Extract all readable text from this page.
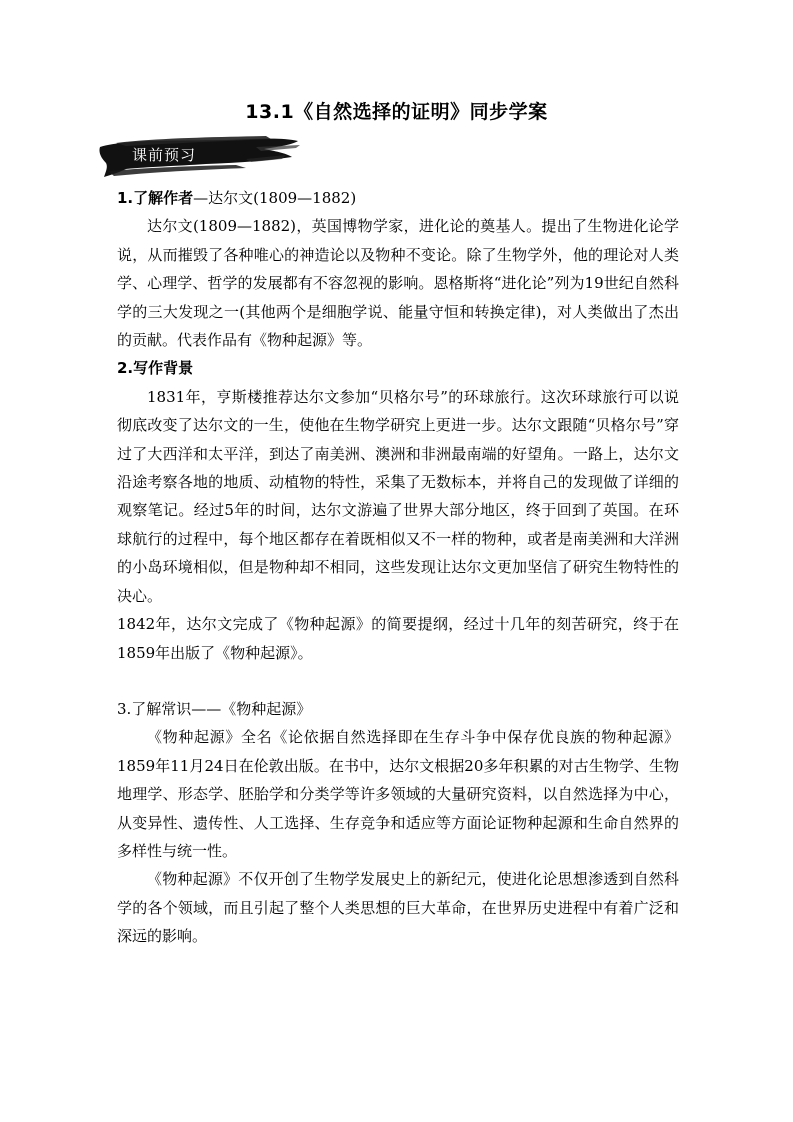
13.1《自然选择的证明》同步学案
课前预习

1.了解作者—达尔文(1809—1882)

达尔文(1809—1882)，英国博物学家，进化论的奠基人。提出了生物进化论学说，从而摧毁了各种唯心的神造论以及物种不变论。除了生物学外，他的理论对人类学、心理学、哲学的发展都有不容忽视的影响。恩格斯将“进化论”列为19世纪自然科学的三大发现之一(其他两个是细胞学说、能量守恒和转换定律)，对人类做出了杰出的贡献。代表作品有《物种起源》等。

2.写作背景

1831年，亨斯楼推荐达尔文参加“贝格尔号”的环球旅行。这次环球旅行可以说彻底改变了达尔文的一生，使他在生物学研究上更进一步。达尔文跟随“贝格尔号”穿过了大西洋和太平洋，到达了南美洲、澳洲和非洲最南端的好望角。一路上，达尔文沿途考察各地的地质、动植物的特性，采集了无数标本，并将自己的发现做了详细的观察笔记。经过5年的时间，达尔文游遍了世界大部分地区，终于回到了英国。在环球航行的过程中，每个地区都存在着既相似又不一样的物种，或者是南美洲和大洋洲的小岛环境相似，但是物种却不相同，这些发现让达尔文更加坚信了研究生物特性的决心。

1842年，达尔文完成了《物种起源》的简要提纲，经过十几年的刻苦研究，终于在1859年出版了《物种起源》。

3.了解常识——《物种起源》

《物种起源》全名《论依据自然选择即在生存斗争中保存优良族的物种起源》1859年11月24日在伦敦出版。在书中，达尔文根据20多年积累的对古生物学、生物地理学、形态学、胚胎学和分类学等许多领域的大量研究资料，以自然选择为中心，从变异性、遗传性、人工选择、生存竞争和适应等方面论证物种起源和生命自然界的多样性与统一性。

《物种起源》不仅开创了生物学发展史上的新纪元，使进化论思想渗透到自然科学的各个领域，而且引起了整个人类思想的巨大革命，在世界历史进程中有着广泛和深远的影响。
